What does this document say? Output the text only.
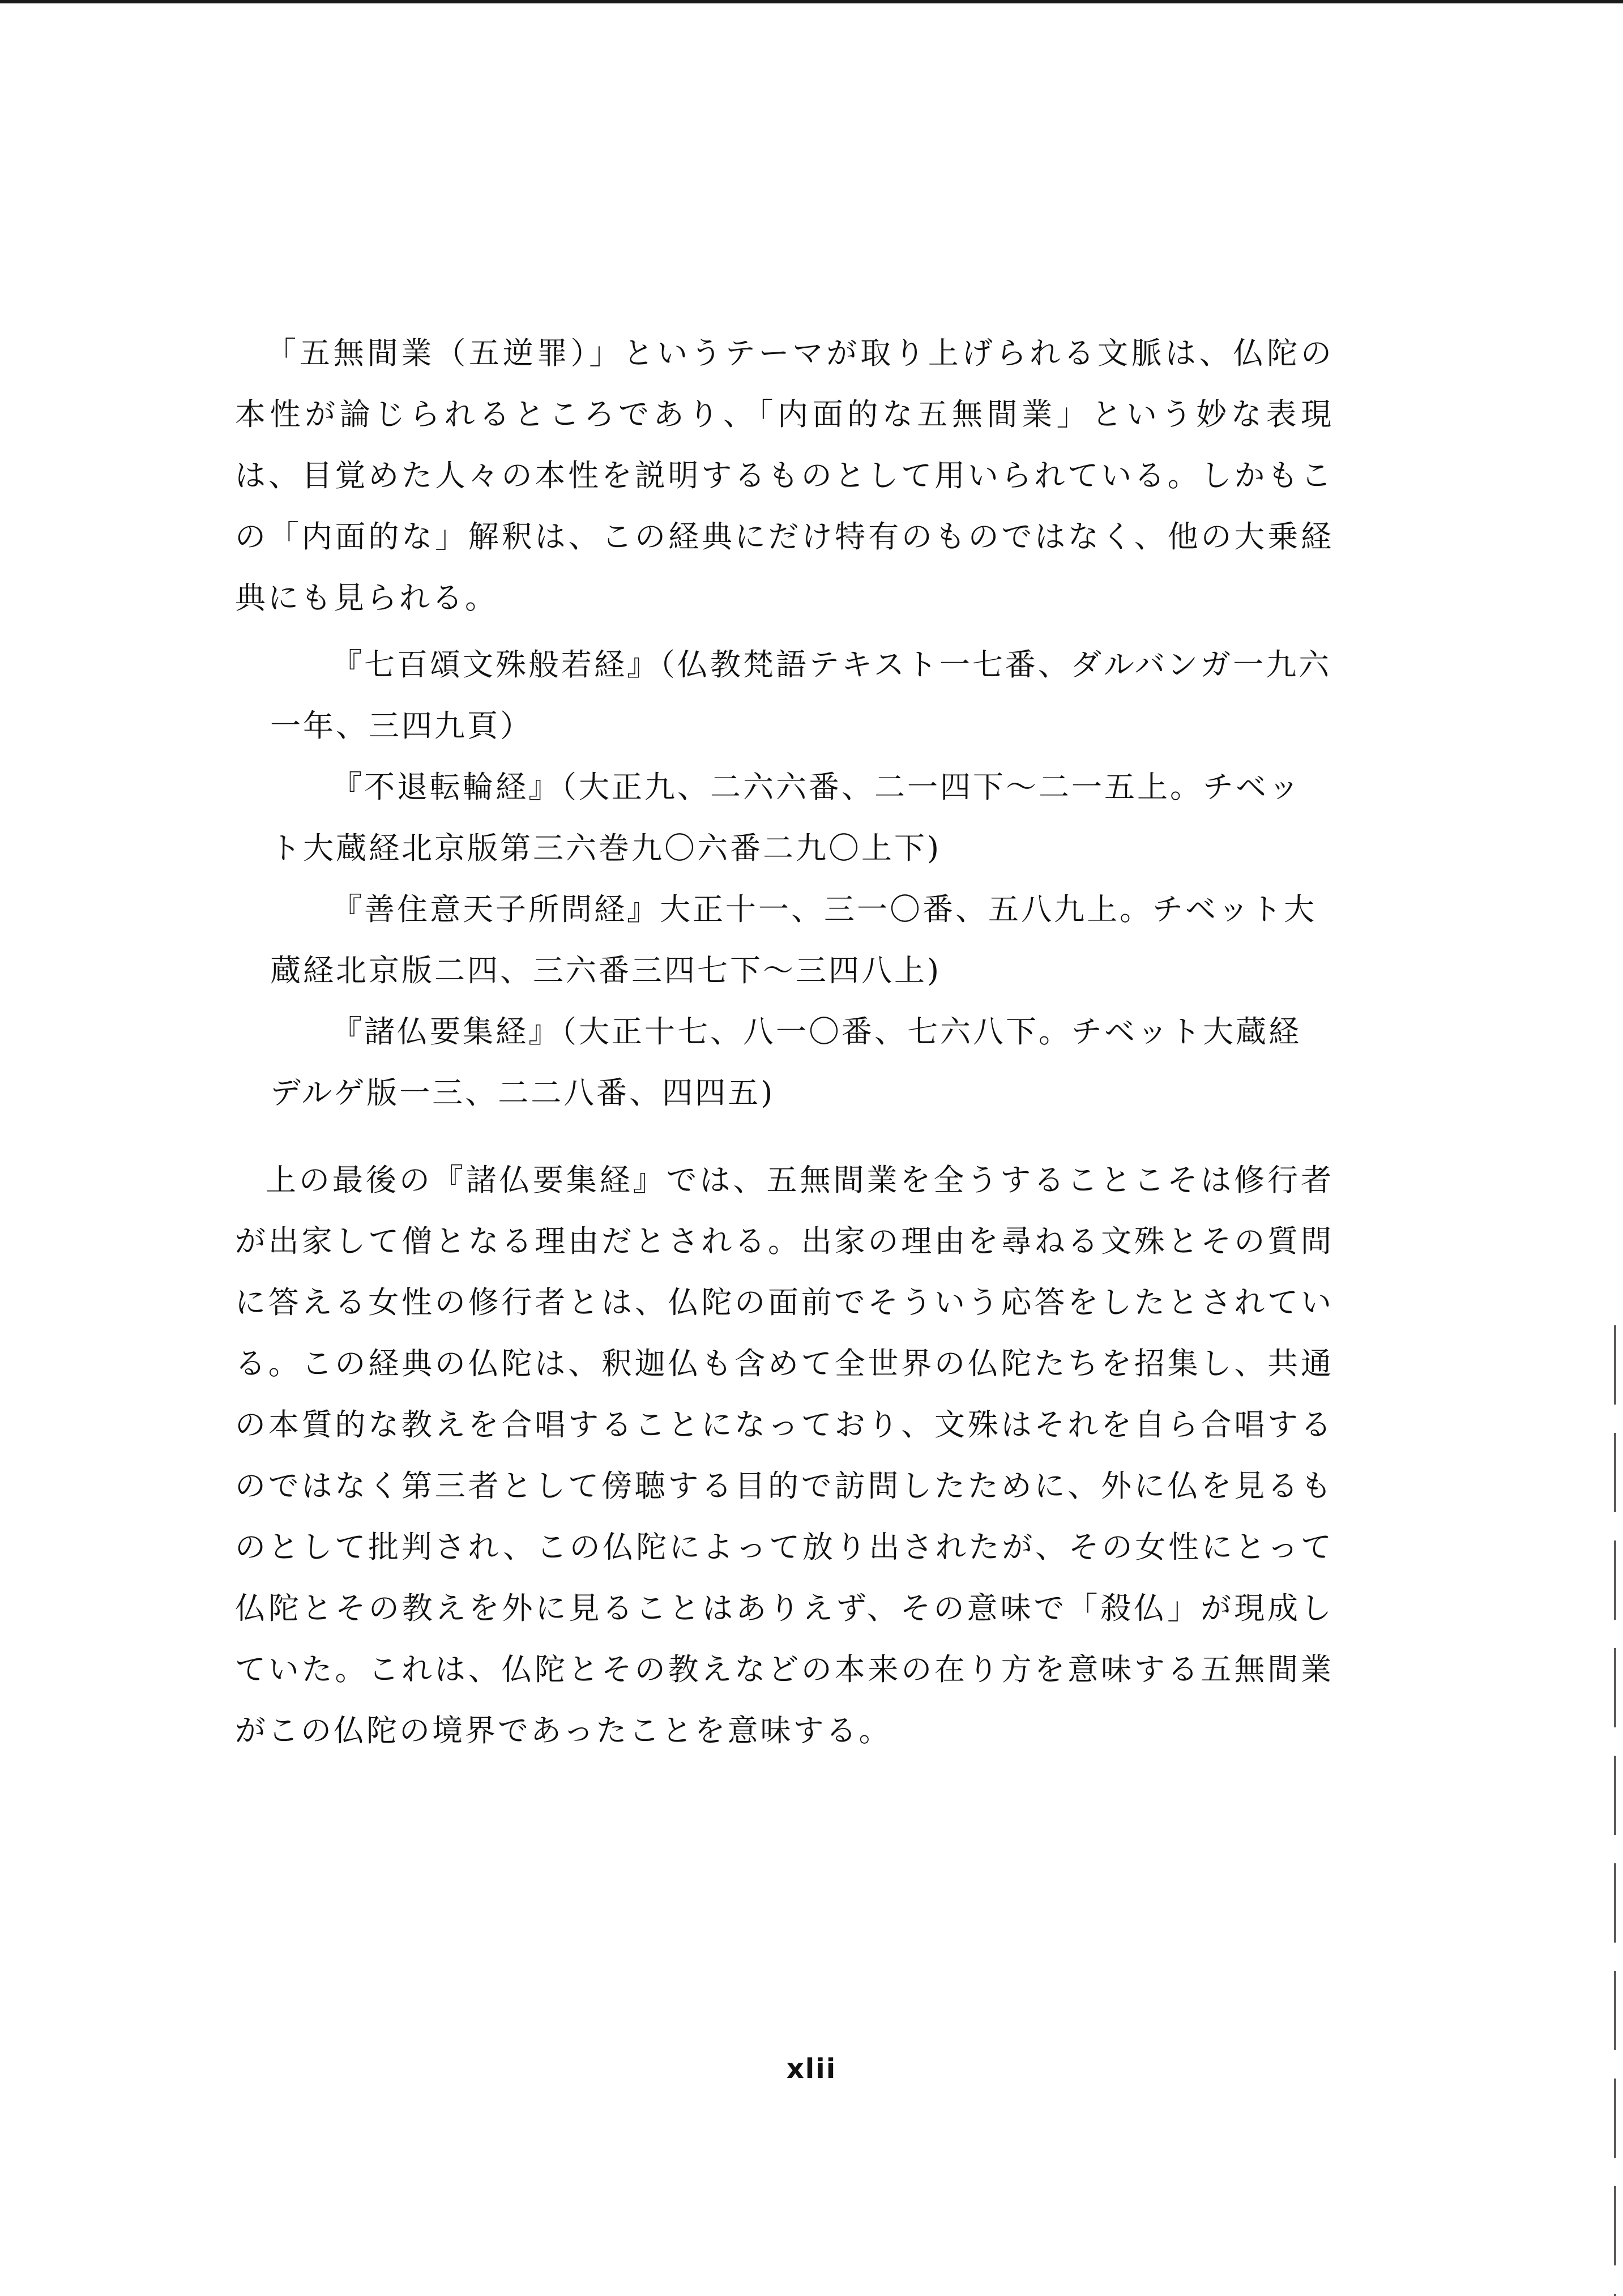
「五無間業（五逆罪）」というテーマが取り上げられる文脈は、仏陀の本性が論じられるところであり、「内面的な五無間業」という妙な表現は、目覚めた人々の本性を説明するものとして用いられている。しかもこの「内面的な」解釈は、この経典にだけ特有のものではなく、他の大乗経典にも見られる。

『七百頌文殊般若経』（仏教梵語テキスト一七番、ダルバンガ一九六一年、三四九頁）
『不退転輪経』（大正九、二六六番、二一四下～二一五上。チベット大蔵経北京版第三六巻九〇六番二九〇上下)
『善住意天子所問経』大正十一、三一〇番、五八九上。チベット大蔵経北京版二四、三六番三四七下～三四八上)
『諸仏要集経』（大正十七、八一〇番、七六八下。チベット大蔵経デルゲ版一三、二二八番、四四五)

上の最後の『諸仏要集経』では、五無間業を全うすることこそは修行者が出家して僧となる理由だとされる。出家の理由を尋ねる文殊とその質問に答える女性の修行者とは、仏陀の面前でそういう応答をしたとされている。この経典の仏陀は、釈迦仏も含めて全世界の仏陀たちを招集し、共通の本質的な教えを合唱することになっており、文殊はそれを自ら合唱するのではなく第三者として傍聴する目的で訪問したために、外に仏を見るものとして批判され、この仏陀によって放り出されたが、その女性にとって仏陀とその教えを外に見ることはありえず、その意味で「殺仏」が現成していた。これは、仏陀とその教えなどの本来の在り方を意味する五無間業がこの仏陀の境界であったことを意味する。

xlii
